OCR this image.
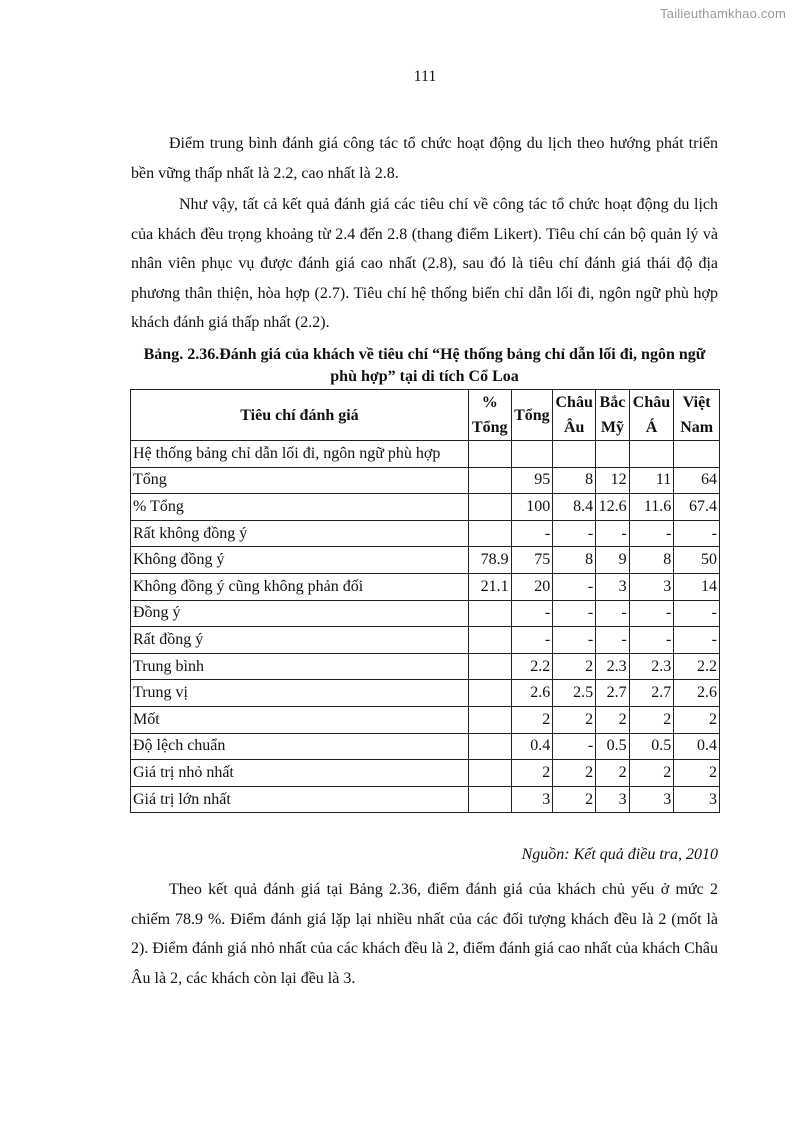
Tailieuthamkhao.com
111

Điểm trung bình đánh giá công tác tổ chức hoạt động du lịch theo hướng phát triển bền vững thấp nhất là 2.2, cao nhất là 2.8.

Như vậy, tất cả kết quả đánh giá các tiêu chí về công tác tổ chức hoạt động du lịch của khách đều trọng khoảng từ 2.4 đến 2.8 (thang điểm Likert). Tiêu chí cán bộ quản lý và nhân viên phục vụ được đánh giá cao nhất (2.8), sau đó là tiêu chí đánh giá thái độ địa phương thân thiện, hòa hợp (2.7). Tiêu chí hệ thống biển chỉ dẫn lối đi, ngôn ngữ phù hợp khách đánh giá thấp nhất (2.2).

Bảng. 2.36.Đánh giá của khách về tiêu chí “Hệ thống bảng chỉ dẫn lối đi, ngôn ngữ phù hợp” tại di tích Cổ Loa

Tiêu chí đánh giá	% Tổng	Tổng	Châu Âu	Bắc Mỹ	Châu Á	Việt Nam
Hệ thống bảng chỉ dẫn lối đi, ngôn ngữ phù hợp						
Tổng		95	8	12	11	64
% Tổng		100	8.4	12.6	11.6	67.4
Rất không đồng ý		-	-	-	-	-
Không đồng ý	78.9	75	8	9	8	50
Không đồng ý cũng không phản đối	21.1	20	-	3	3	14
Đồng ý		-	-	-	-	-
Rất đồng ý		-	-	-	-	-
Trung bình		2.2	2	2.3	2.3	2.2
Trung vị		2.6	2.5	2.7	2.7	2.6
Mốt		2	2	2	2	2
Độ lệch chuẩn		0.4	-	0.5	0.5	0.4
Giá trị nhỏ nhất		2	2	2	2	2
Giá trị lớn nhất		3	2	3	3	3
Nguồn: Kết quả điều tra, 2010

Theo kết quả đánh giá tại Bảng 2.36, điểm đánh giá của khách chủ yếu ở mức 2 chiếm 78.9 %. Điểm đánh giá lặp lại nhiều nhất của các đối tượng khách đều là 2 (mốt là 2). Điểm đánh giá nhỏ nhất của các khách đều là 2, điểm đánh giá cao nhất của khách Châu Âu là 2, các khách còn lại đều là 3.
